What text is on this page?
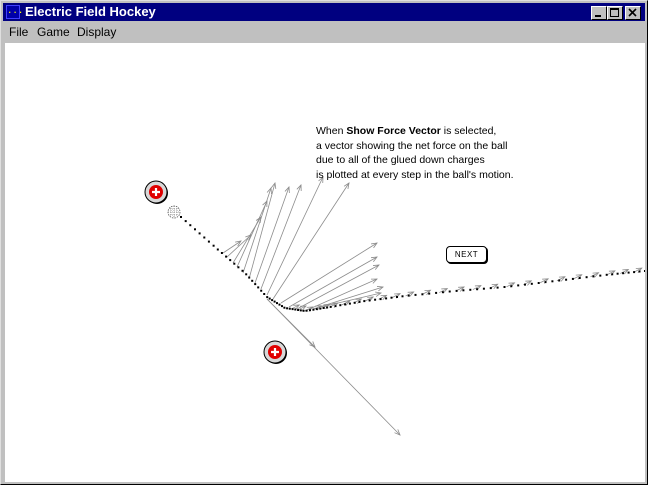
... Electric Field Hockey
File Game Display
When Show Force Vector is selected,
a vector showing the net force on the ball
due to all of the glued down charges
is plotted at every step in the ball's motion.
NEXT
